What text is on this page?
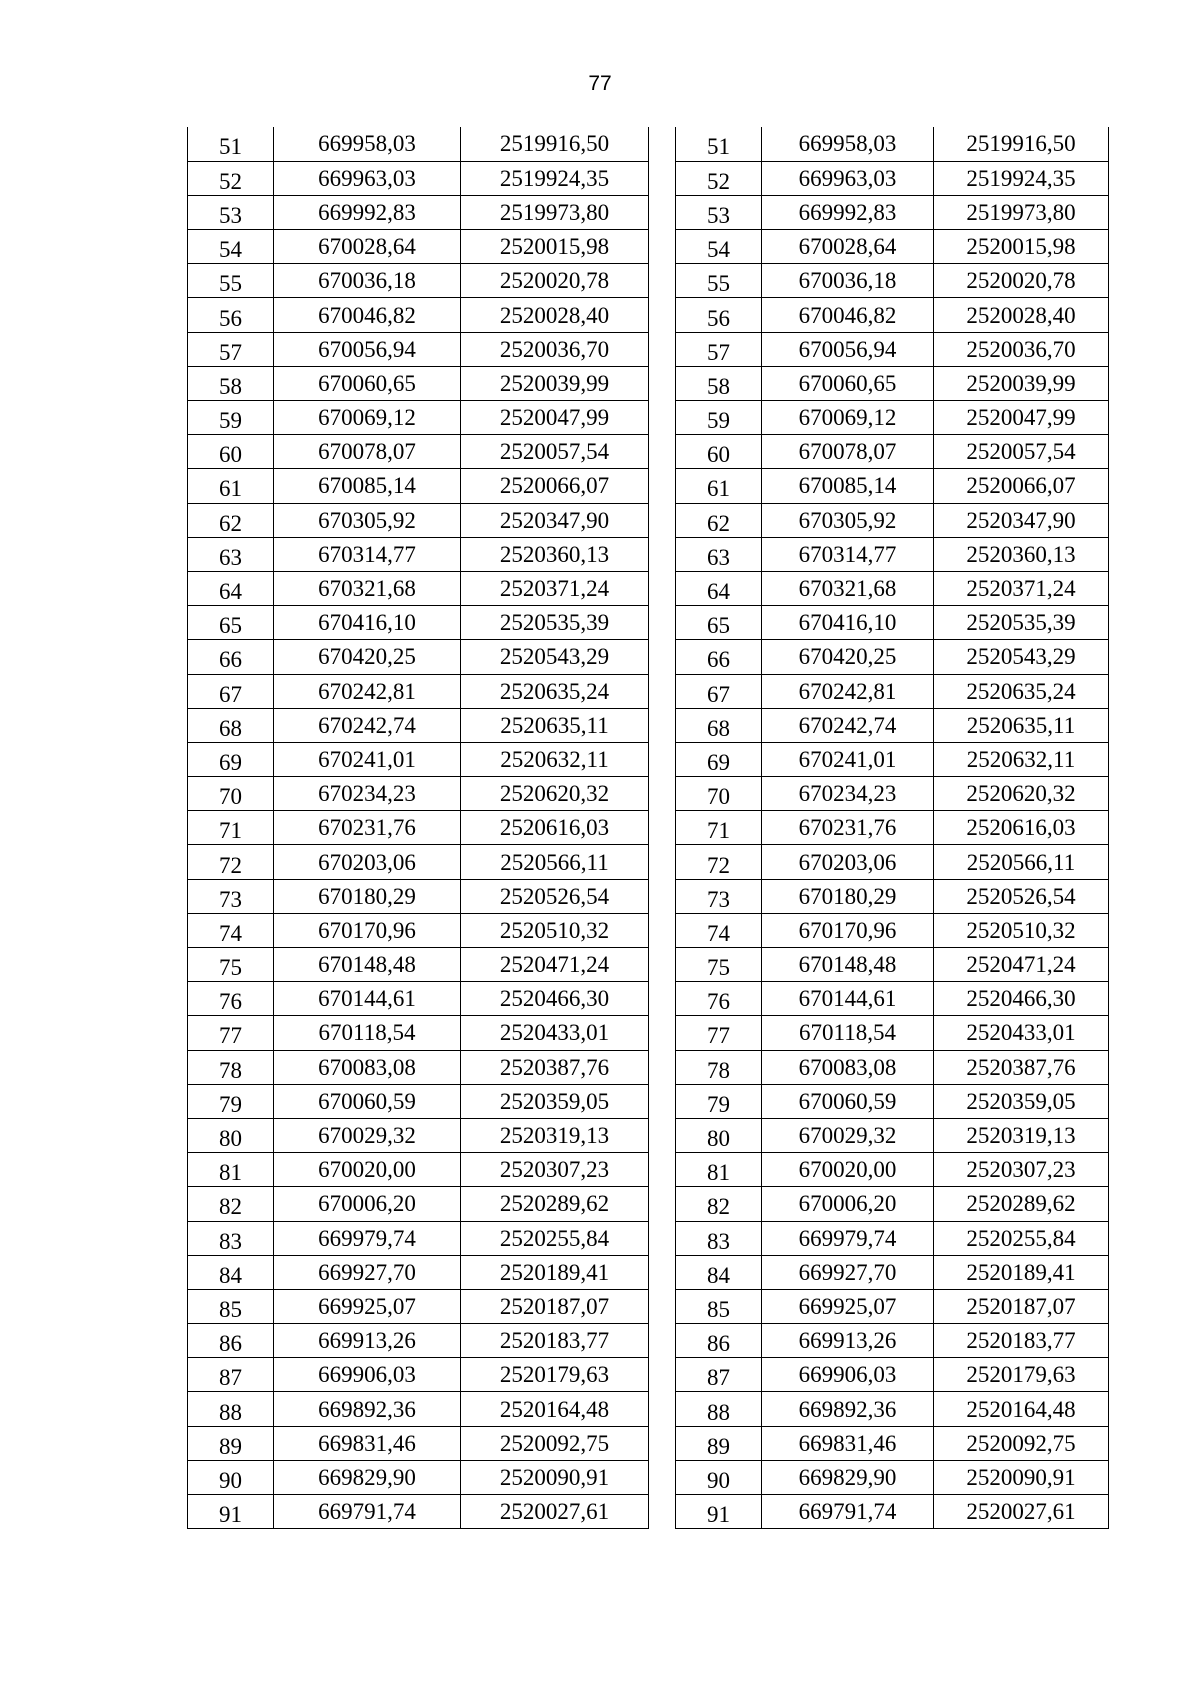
77
51	669958,03	2519916,50
52	669963,03	2519924,35
53	669992,83	2519973,80
54	670028,64	2520015,98
55	670036,18	2520020,78
56	670046,82	2520028,40
57	670056,94	2520036,70
58	670060,65	2520039,99
59	670069,12	2520047,99
60	670078,07	2520057,54
61	670085,14	2520066,07
62	670305,92	2520347,90
63	670314,77	2520360,13
64	670321,68	2520371,24
65	670416,10	2520535,39
66	670420,25	2520543,29
67	670242,81	2520635,24
68	670242,74	2520635,11
69	670241,01	2520632,11
70	670234,23	2520620,32
71	670231,76	2520616,03
72	670203,06	2520566,11
73	670180,29	2520526,54
74	670170,96	2520510,32
75	670148,48	2520471,24
76	670144,61	2520466,30
77	670118,54	2520433,01
78	670083,08	2520387,76
79	670060,59	2520359,05
80	670029,32	2520319,13
81	670020,00	2520307,23
82	670006,20	2520289,62
83	669979,74	2520255,84
84	669927,70	2520189,41
85	669925,07	2520187,07
86	669913,26	2520183,77
87	669906,03	2520179,63
88	669892,36	2520164,48
89	669831,46	2520092,75
90	669829,90	2520090,91
91	669791,74	2520027,61
51	669958,03	2519916,50
52	669963,03	2519924,35
53	669992,83	2519973,80
54	670028,64	2520015,98
55	670036,18	2520020,78
56	670046,82	2520028,40
57	670056,94	2520036,70
58	670060,65	2520039,99
59	670069,12	2520047,99
60	670078,07	2520057,54
61	670085,14	2520066,07
62	670305,92	2520347,90
63	670314,77	2520360,13
64	670321,68	2520371,24
65	670416,10	2520535,39
66	670420,25	2520543,29
67	670242,81	2520635,24
68	670242,74	2520635,11
69	670241,01	2520632,11
70	670234,23	2520620,32
71	670231,76	2520616,03
72	670203,06	2520566,11
73	670180,29	2520526,54
74	670170,96	2520510,32
75	670148,48	2520471,24
76	670144,61	2520466,30
77	670118,54	2520433,01
78	670083,08	2520387,76
79	670060,59	2520359,05
80	670029,32	2520319,13
81	670020,00	2520307,23
82	670006,20	2520289,62
83	669979,74	2520255,84
84	669927,70	2520189,41
85	669925,07	2520187,07
86	669913,26	2520183,77
87	669906,03	2520179,63
88	669892,36	2520164,48
89	669831,46	2520092,75
90	669829,90	2520090,91
91	669791,74	2520027,61
